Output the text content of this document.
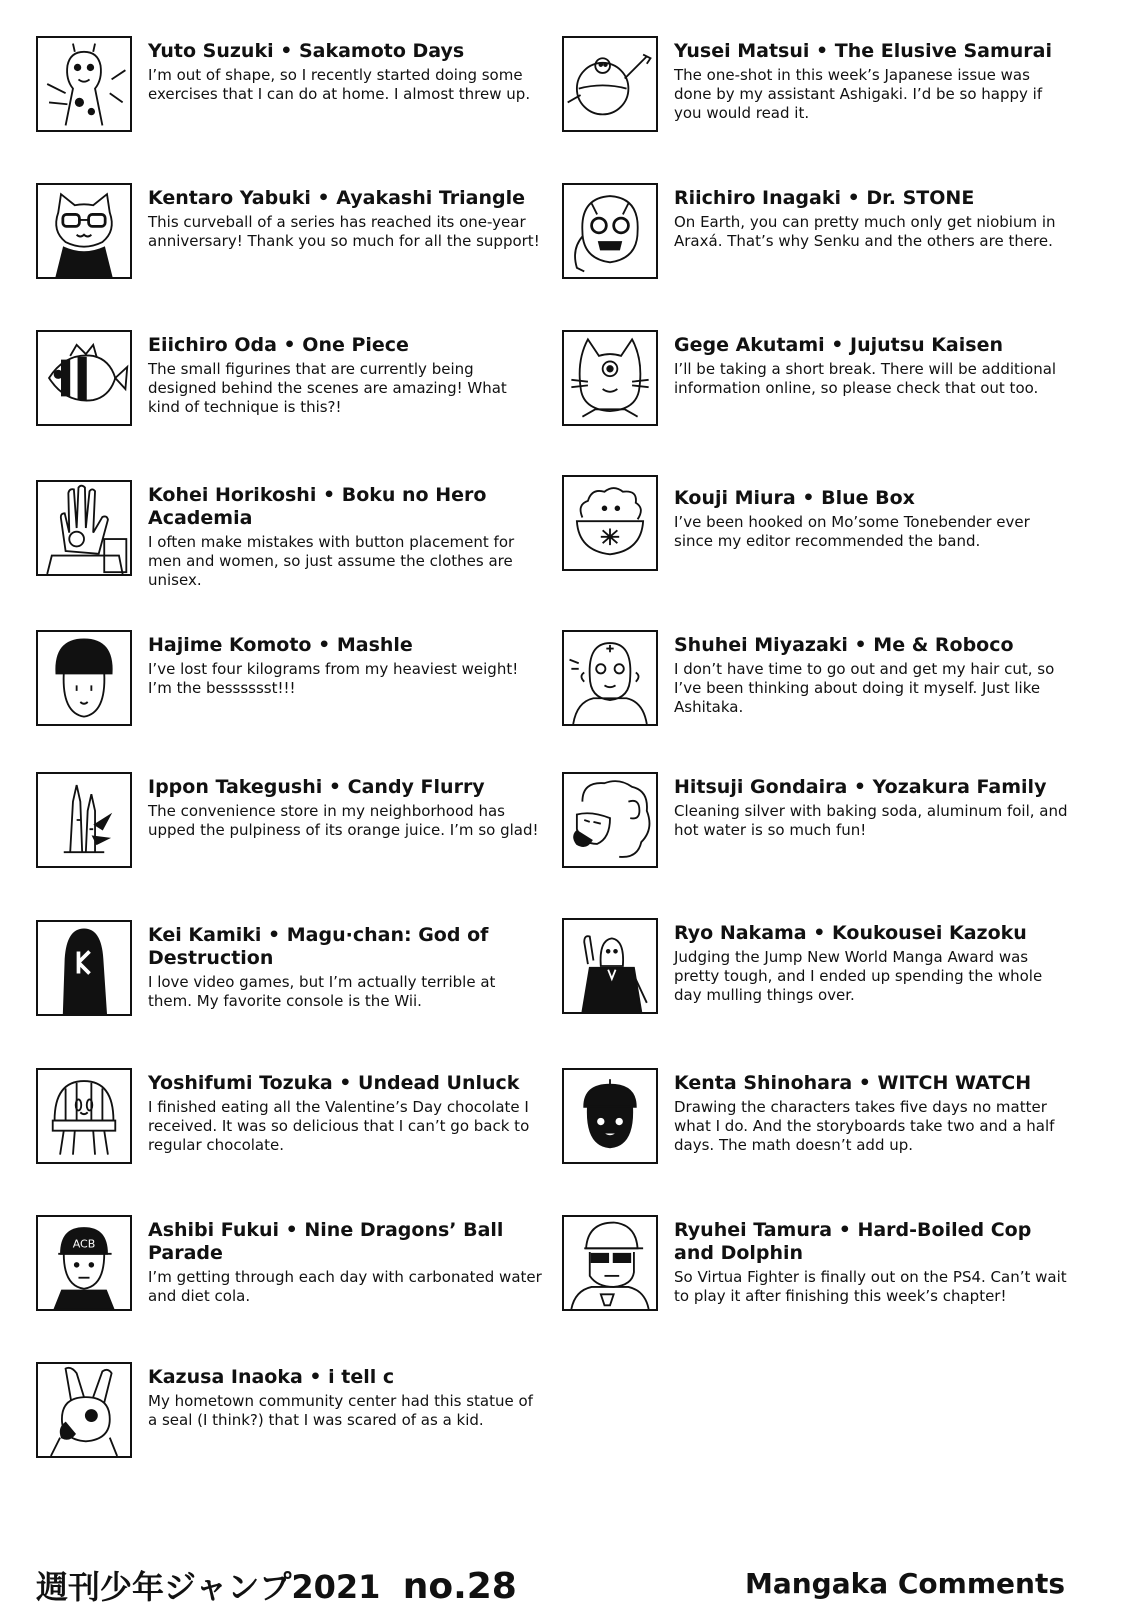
Yuto Suzuki • Sakamoto Days

I’m out of shape, so I recently started doing some exercises that I can do at home. I almost threw up.

Kentaro Yabuki • Ayakashi Triangle

This curveball of a series has reached its one-year anniversary! Thank you so much for all the support!

Eiichiro Oda • One Piece

The small figurines that are currently being designed behind the scenes are amazing! What kind of technique is this?!

Kohei Horikoshi • Boku no Hero Academia

I often make mistakes with button placement for men and women, so just assume the clothes are unisex.

Hajime Komoto • Mashle

I’ve lost four kilograms from my heaviest weight! I’m the besssssst!!!

Ippon Takegushi • Candy Flurry

The convenience store in my neighborhood has upped the pulpiness of its orange juice. I’m so glad!

Kei Kamiki • Magu·chan: God of Destruction

I love video games, but I’m actually terrible at them. My favorite console is the Wii.

Yoshifumi Tozuka • Undead Unluck

I finished eating all the Valentine’s Day chocolate I received. It was so delicious that I can’t go back to regular chocolate.

ACB

Ashibi Fukui • Nine Dragons’ Ball Parade

I’m getting through each day with carbonated water and diet cola.

Kazusa Inaoka • i tell c

My hometown community center had this statue of a seal (I think?) that I was scared of as a kid.

Yusei Matsui • The Elusive Samurai

The one-shot in this week’s Japanese issue was done by my assistant Ashigaki. I’d be so happy if you would read it.

Riichiro Inagaki • Dr. STONE

On Earth, you can pretty much only get niobium in Araxá. That’s why Senku and the others are there.

Gege Akutami • Jujutsu Kaisen

I’ll be taking a short break. There will be additional information online, so please check that out too.

Kouji Miura • Blue Box

I’ve been hooked on Mo’some Tonebender ever since my editor recommended the band.

Shuhei Miyazaki • Me & Roboco

I don’t have time to go out and get my hair cut, so I’ve been thinking about doing it myself. Just like Ashitaka.

Hitsuji Gondaira • Yozakura Family

Cleaning silver with baking soda, aluminum foil, and hot water is so much fun!

Ryo Nakama • Koukousei Kazoku

Judging the Jump New World Manga Award was pretty tough, and I ended up spending the whole day mulling things over.

Kenta Shinohara • WITCH WATCH

Drawing the characters takes five days no matter what I do. And the storyboards take two and a half days. The math doesn’t add up.

Ryuhei Tamura • Hard-Boiled Cop and Dolphin

So Virtua Fighter is finally out on the PS4. Can’t wait to play it after finishing this week’s chapter!

週刊少年ジャンプ2021 no.28	Mangaka Comments
